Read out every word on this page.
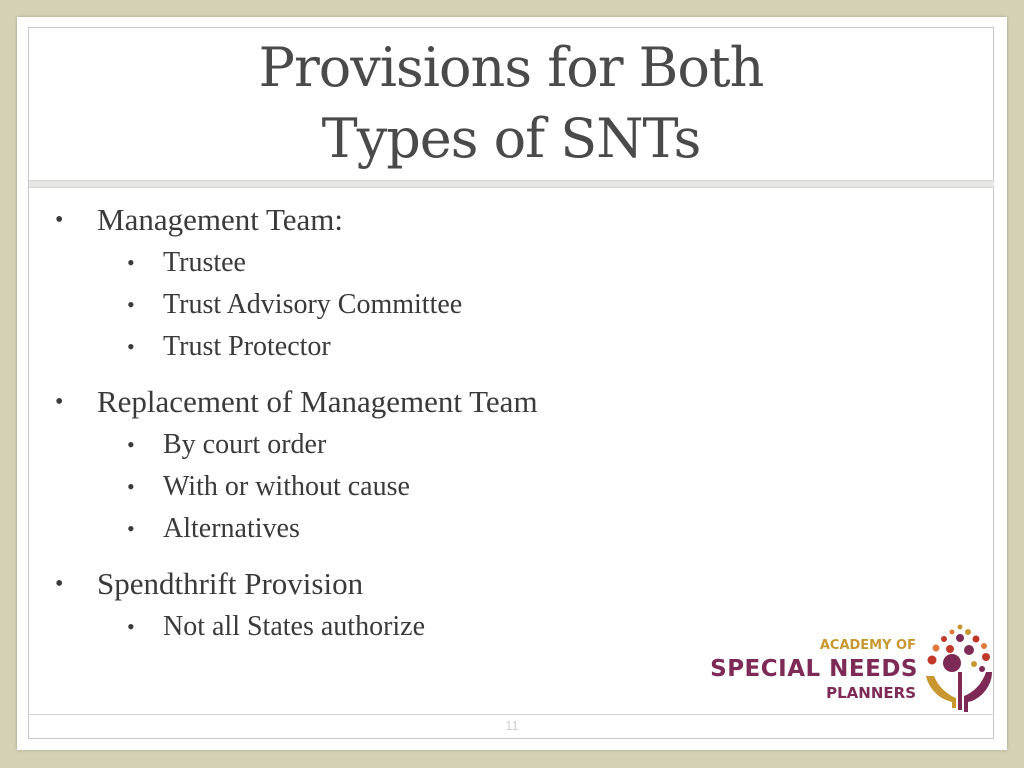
Provisions for Both
Types of SNTs
• Management Team:
• Trustee
• Trust Advisory Committee
• Trust Protector
• Replacement of Management Team
• By court order
• With or without cause
• Alternatives
• Spendthrift Provision
• Not all States authorize
11
ACADEMY OF
SPECIAL NEEDS
PLANNERS
